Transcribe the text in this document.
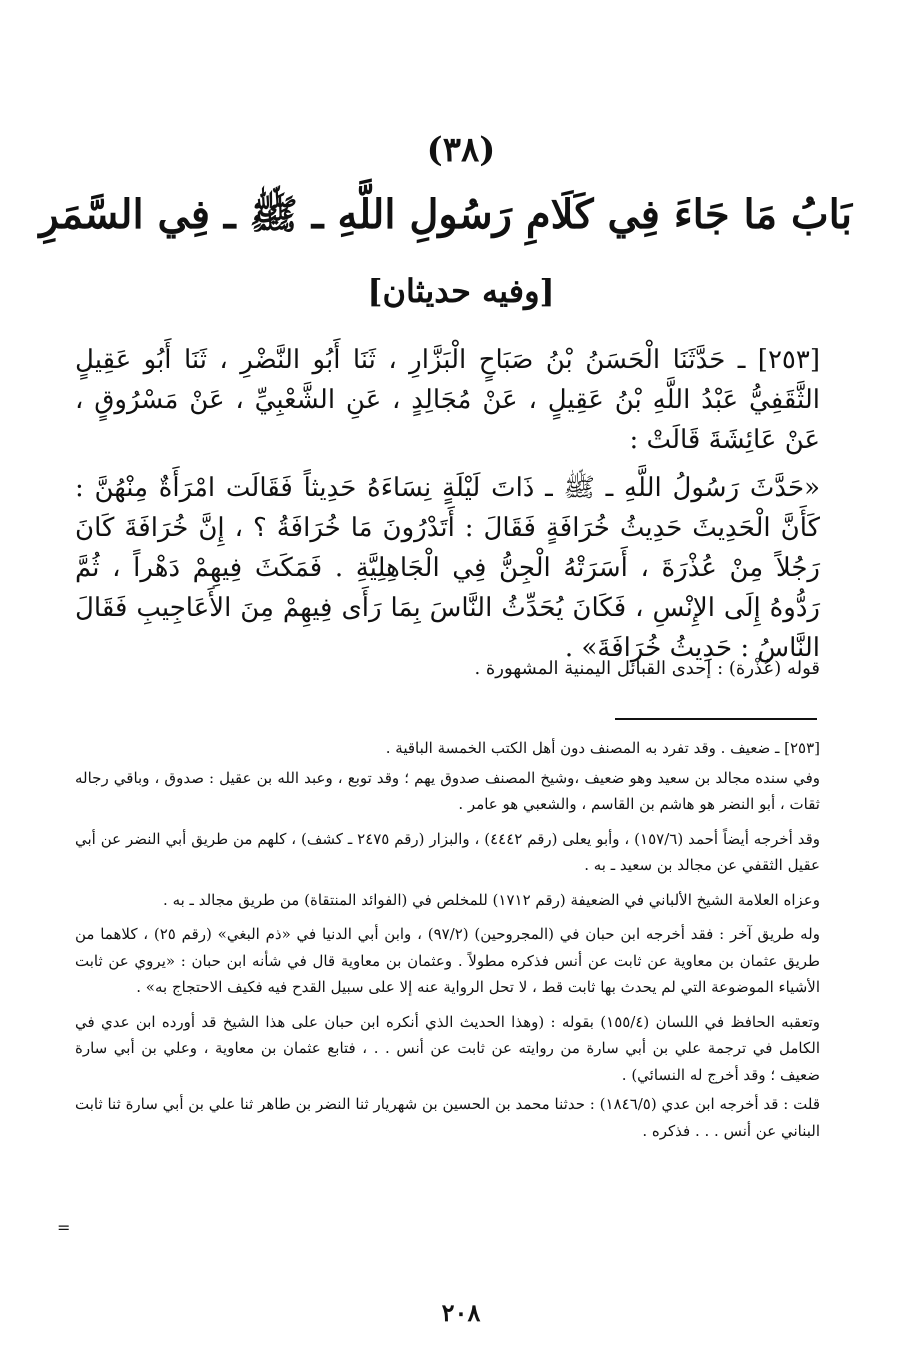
(٣٨)
بَابُ مَا جَاءَ فِي كَلَامِ رَسُولِ اللَّهِ ـ ﷺ ـ فِي السَّمَرِ
[وفيه حديثان]

[٢٥٣] ـ حَدَّثَنَا الْحَسَنُ بْنُ صَبَاحٍ الْبَزَّارِ ، ثَنَا أَبُو النَّضْرِ ، ثَنَا أَبُو عَقِيلٍ الثَّقَفِيُّ عَبْدُ اللَّهِ بْنُ عَقِيلٍ ، عَنْ مُجَالِدٍ ، عَنِ الشَّعْبِيِّ ، عَنْ مَسْرُوقٍ ، عَنْ عَائِشَةَ قَالَتْ :

«حَدَّثَ رَسُولُ اللَّهِ ـ ﷺ ـ ذَاتَ لَيْلَةٍ نِسَاءَهُ حَدِيثاً فَقَالَت امْرَأَةٌ مِنْهُنَّ : كَأَنَّ الْحَدِيثَ حَدِيثُ خُرَافَةٍ فَقَالَ : أَتَدْرُونَ مَا خُرَافَةُ ؟ ، إِنَّ خُرَافَةَ كَانَ رَجُلاً مِنْ عُذْرَةَ ، أَسَرَتْهُ الْجِنُّ فِي الْجَاهِلِيَّةِ . فَمَكَثَ فِيهِمْ دَهْراً ، ثُمَّ رَدُّوهُ إِلَى الإِنْسِ ، فَكَانَ يُحَدِّثُ النَّاسَ بِمَا رَأَى فِيهِمْ مِنَ الأَعَاجِيبِ فَقَالَ النَّاسُ : حَدِيثُ خُرَافَةَ» .

قوله (عُذْرة) : إحدى القبائل اليمنية المشهورة .

[٢٥٣] ـ ضعيف . وقد تفرد به المصنف دون أهل الكتب الخمسة الباقية .

وفي سنده مجالد بن سعيد وهو ضعيف ،وشيخ المصنف صدوق يهم ؛ وقد توبع ، وعبد الله بن عقيل : صدوق ، وباقي رجاله ثقات ، أبو النضر هو هاشم بن القاسم ، والشعبي هو عامر .

وقد أخرجه أيضاً أحمد (١٥٧/٦) ، وأبو يعلى (رقم ٤٤٤٢) ، والبزار (رقم ٢٤٧٥ ـ كشف) ، كلهم من طريق أبي النضر عن أبي عقيل الثقفي عن مجالد بن سعيد ـ به .

وعزاه العلامة الشيخ الألباني في الضعيفة (رقم ١٧١٢) للمخلص في (الفوائد المنتقاة) من طريق مجالد ـ به .

وله طريق آخر : فقد أخرجه ابن حبان في (المجروحين) (٩٧/٢) ، وابن أبي الدنيا في «ذم البغي» (رقم ٢٥) ، كلاهما من طريق عثمان بن معاوية عن ثابت عن أنس فذكره مطولاً . وعثمان بن معاوية قال في شأنه ابن حبان : «يروي عن ثابت الأشياء الموضوعة التي لم يحدث بها ثابت قط ، لا تحل الرواية عنه إلا على سبيل القدح فيه فكيف الاحتجاج به» .

وتعقبه الحافظ في اللسان (١٥٥/٤) بقوله : (وهذا الحديث الذي أنكره ابن حبان على هذا الشيخ قد أورده ابن عدي في الكامل في ترجمة علي بن أبي سارة من روايته عن ثابت عن أنس . . ، فتابع عثمان بن معاوية ، وعلي بن أبي سارة ضعيف ؛ وقد أخرج له النسائي) .

قلت : قد أخرجه ابن عدي (١٨٤٦/٥) : حدثنا محمد بن الحسين بن شهريار ثنا النضر بن طاهر ثنا علي بن أبي سارة ثنا ثابت البناني عن أنس . . . فذكره .

=
٢٠٨
